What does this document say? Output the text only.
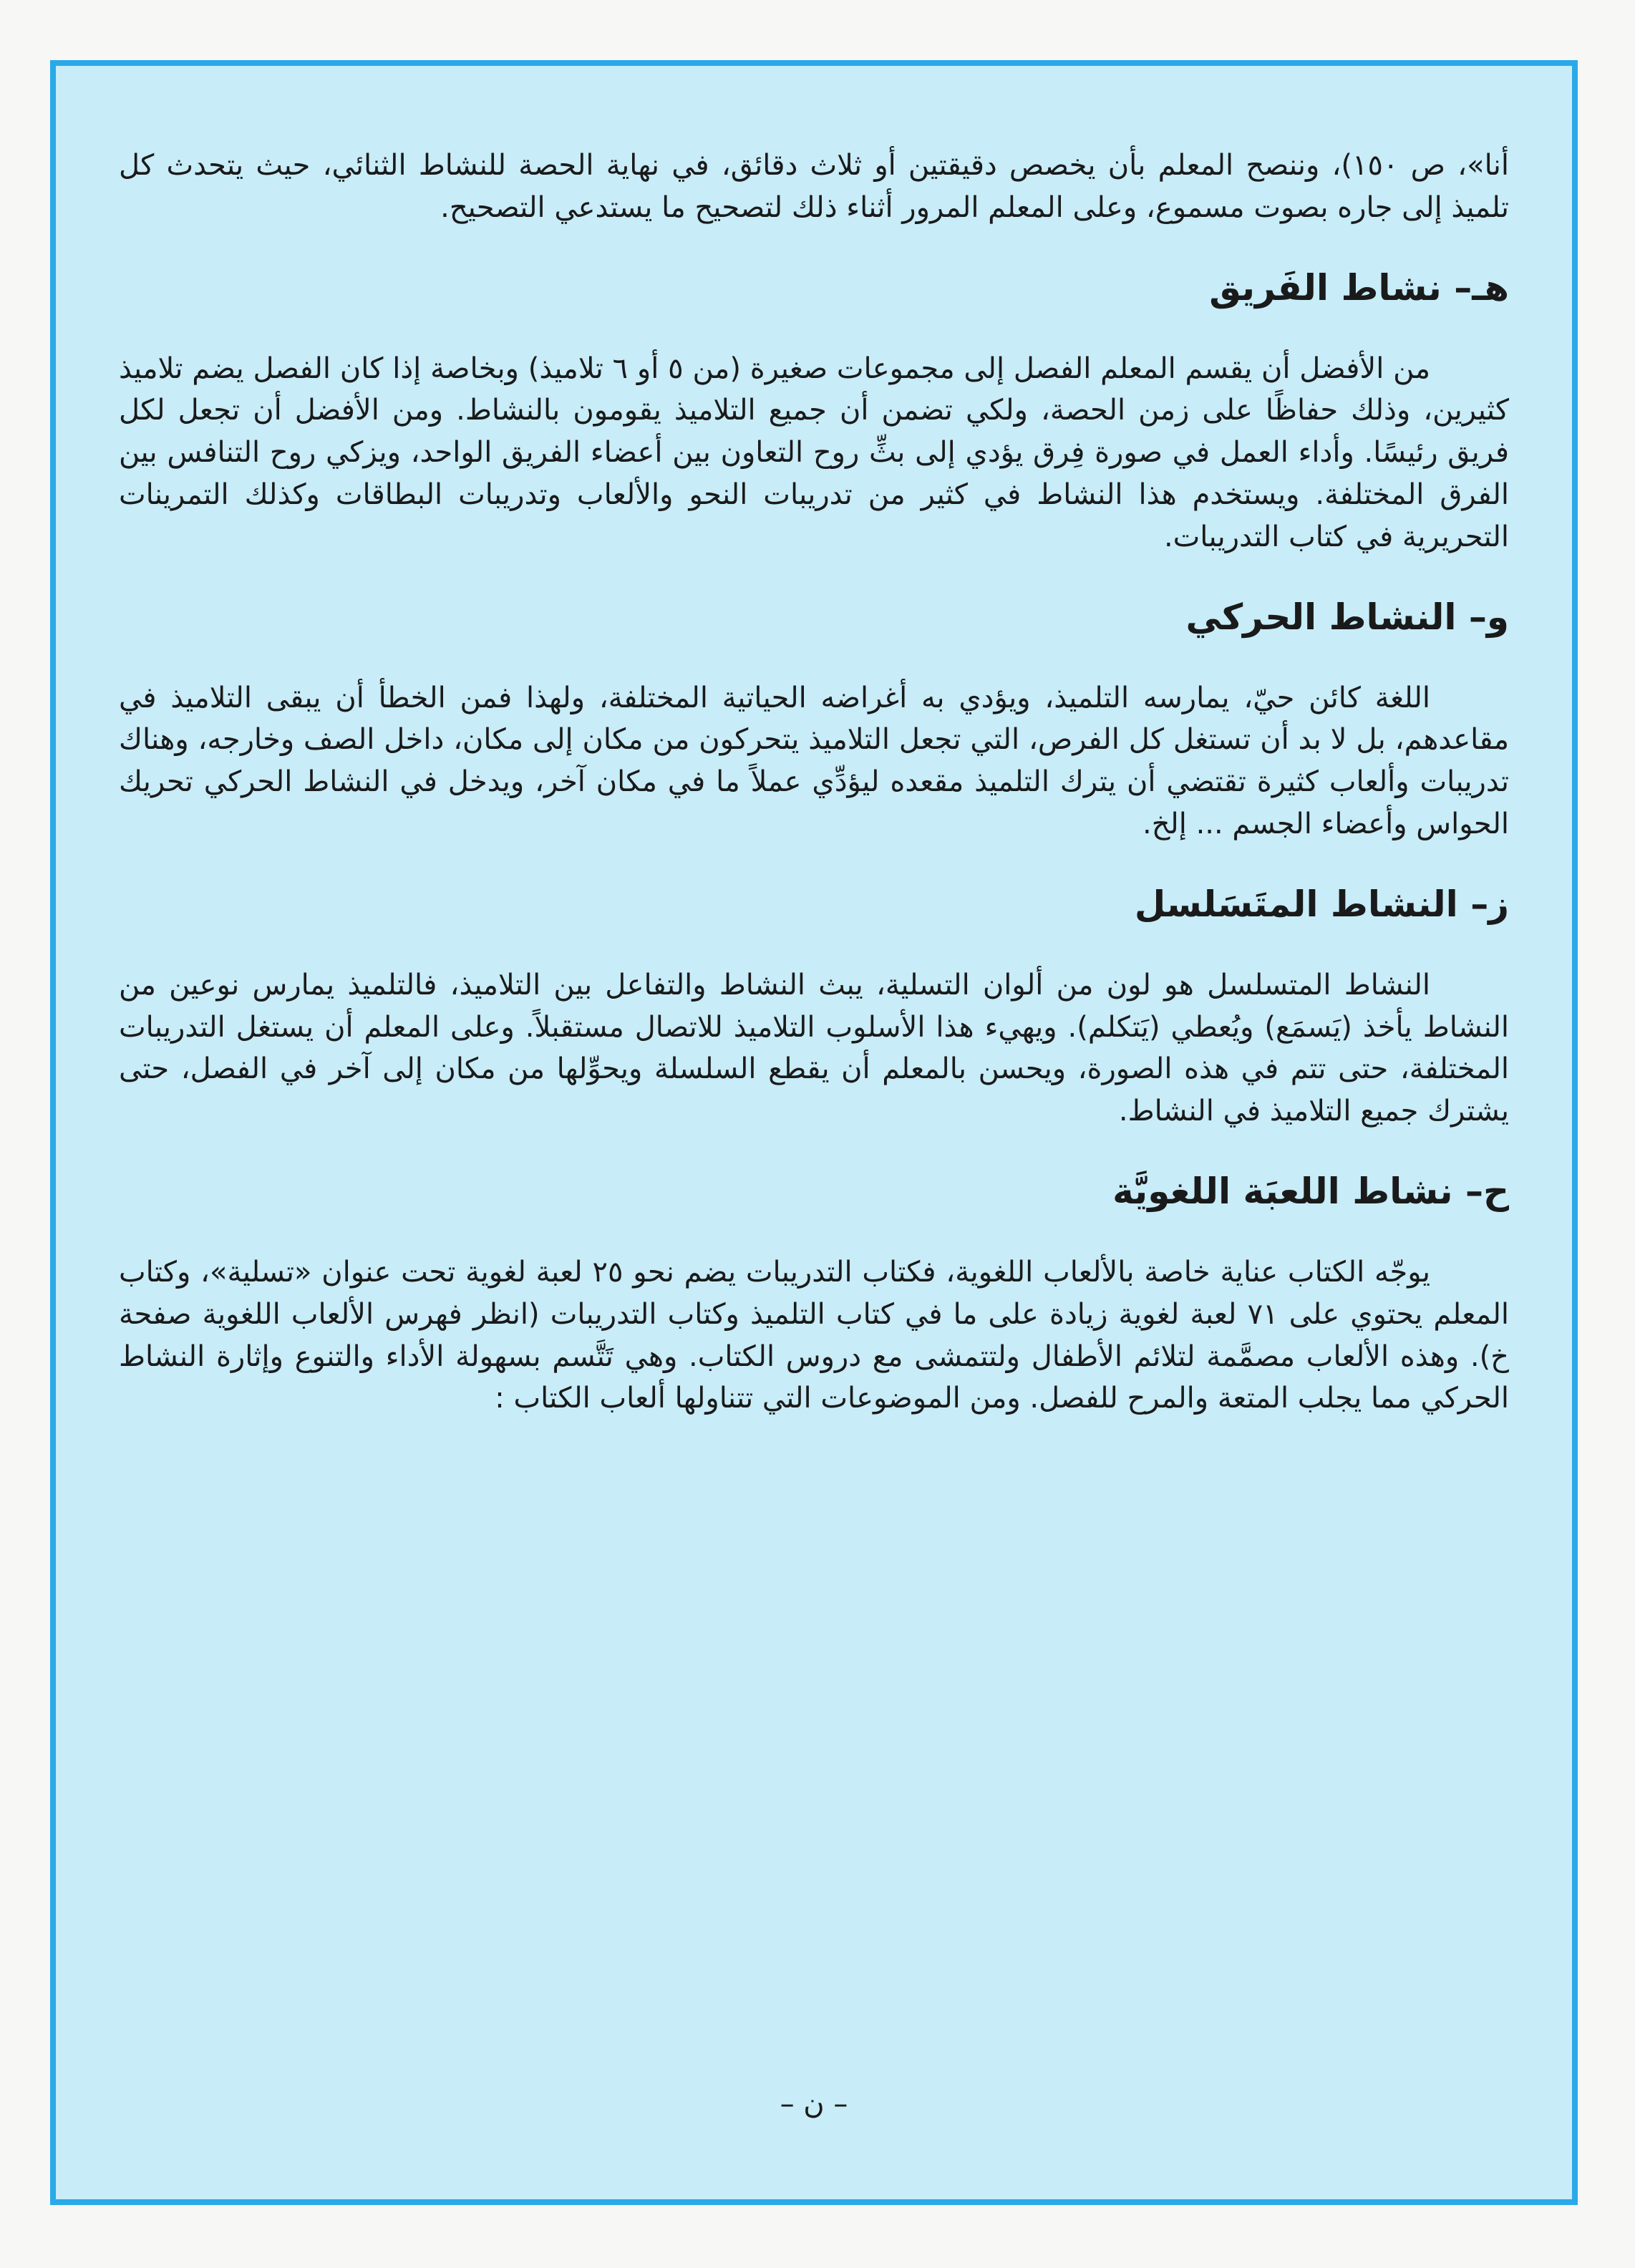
أنا»، ص ١٥٠)، وننصح المعلم بأن يخصص دقيقتين أو ثلاث دقائق، في نهاية الحصة للنشاط الثنائي، حيث يتحدث كل تلميذ إلى جاره بصوت مسموع، وعلى المعلم المرور أثناء ذلك لتصحيح ما يستدعي التصحيح.

هـ– نشاط الفَريق

من الأفضل أن يقسم المعلم الفصل إلى مجموعات صغيرة (من ٥ أو ٦ تلاميذ) وبخاصة إذا كان الفصل يضم تلاميذ كثيرين، وذلك حفاظًا على زمن الحصة، ولكي تضمن أن جميع التلاميذ يقومون بالنشاط. ومن الأفضل أن تجعل لكل فريق رئيسًا. وأداء العمل في صورة فِرق يؤدي إلى بثِّ روح التعاون بين أعضاء الفريق الواحد، ويزكي روح التنافس بين الفرق المختلفة. ويستخدم هذا النشاط في كثير من تدريبات النحو والألعاب وتدريبات البطاقات وكذلك التمرينات التحريرية في كتاب التدريبات.

و– النشاط الحركي

اللغة كائن حيّ، يمارسه التلميذ، ويؤدي به أغراضه الحياتية المختلفة، ولهذا فمن الخطأ أن يبقى التلاميذ في مقاعدهم، بل لا بد أن تستغل كل الفرص، التي تجعل التلاميذ يتحركون من مكان إلى مكان، داخل الصف وخارجه، وهناك تدريبات وألعاب كثيرة تقتضي أن يترك التلميذ مقعده ليؤدِّي عملاً ما في مكان آخر، ويدخل في النشاط الحركي تحريك الحواس وأعضاء الجسم ... إلخ.

ز– النشاط المتَسَلسل

النشاط المتسلسل هو لون من ألوان التسلية، يبث النشاط والتفاعل بين التلاميذ، فالتلميذ يمارس نوعين من النشاط يأخذ (يَسمَع) ويُعطي (يَتكلم). ويهيء هذا الأسلوب التلاميذ للاتصال مستقبلاً. وعلى المعلم أن يستغل التدريبات المختلفة، حتى تتم في هذه الصورة، ويحسن بالمعلم أن يقطع السلسلة ويحوِّلها من مكان إلى آخر في الفصل، حتى يشترك جميع التلاميذ في النشاط.

ح– نشاط اللعبَة اللغويَّة

يوجّه الكتاب عناية خاصة بالألعاب اللغوية، فكتاب التدريبات يضم نحو ٢٥ لعبة لغوية تحت عنوان «تسلية»، وكتاب المعلم يحتوي على ٧١ لعبة لغوية زيادة على ما في كتاب التلميذ وكتاب التدريبات (انظر فهرس الألعاب اللغوية صفحة خ). وهذه الألعاب مصمَّمة لتلائم الأطفال ولتتمشى مع دروس الكتاب. وهي تَتَّسم بسهولة الأداء والتنوع وإثارة النشاط الحركي مما يجلب المتعة والمرح للفصل. ومن الموضوعات التي تتناولها ألعاب الكتاب :

– ن –
